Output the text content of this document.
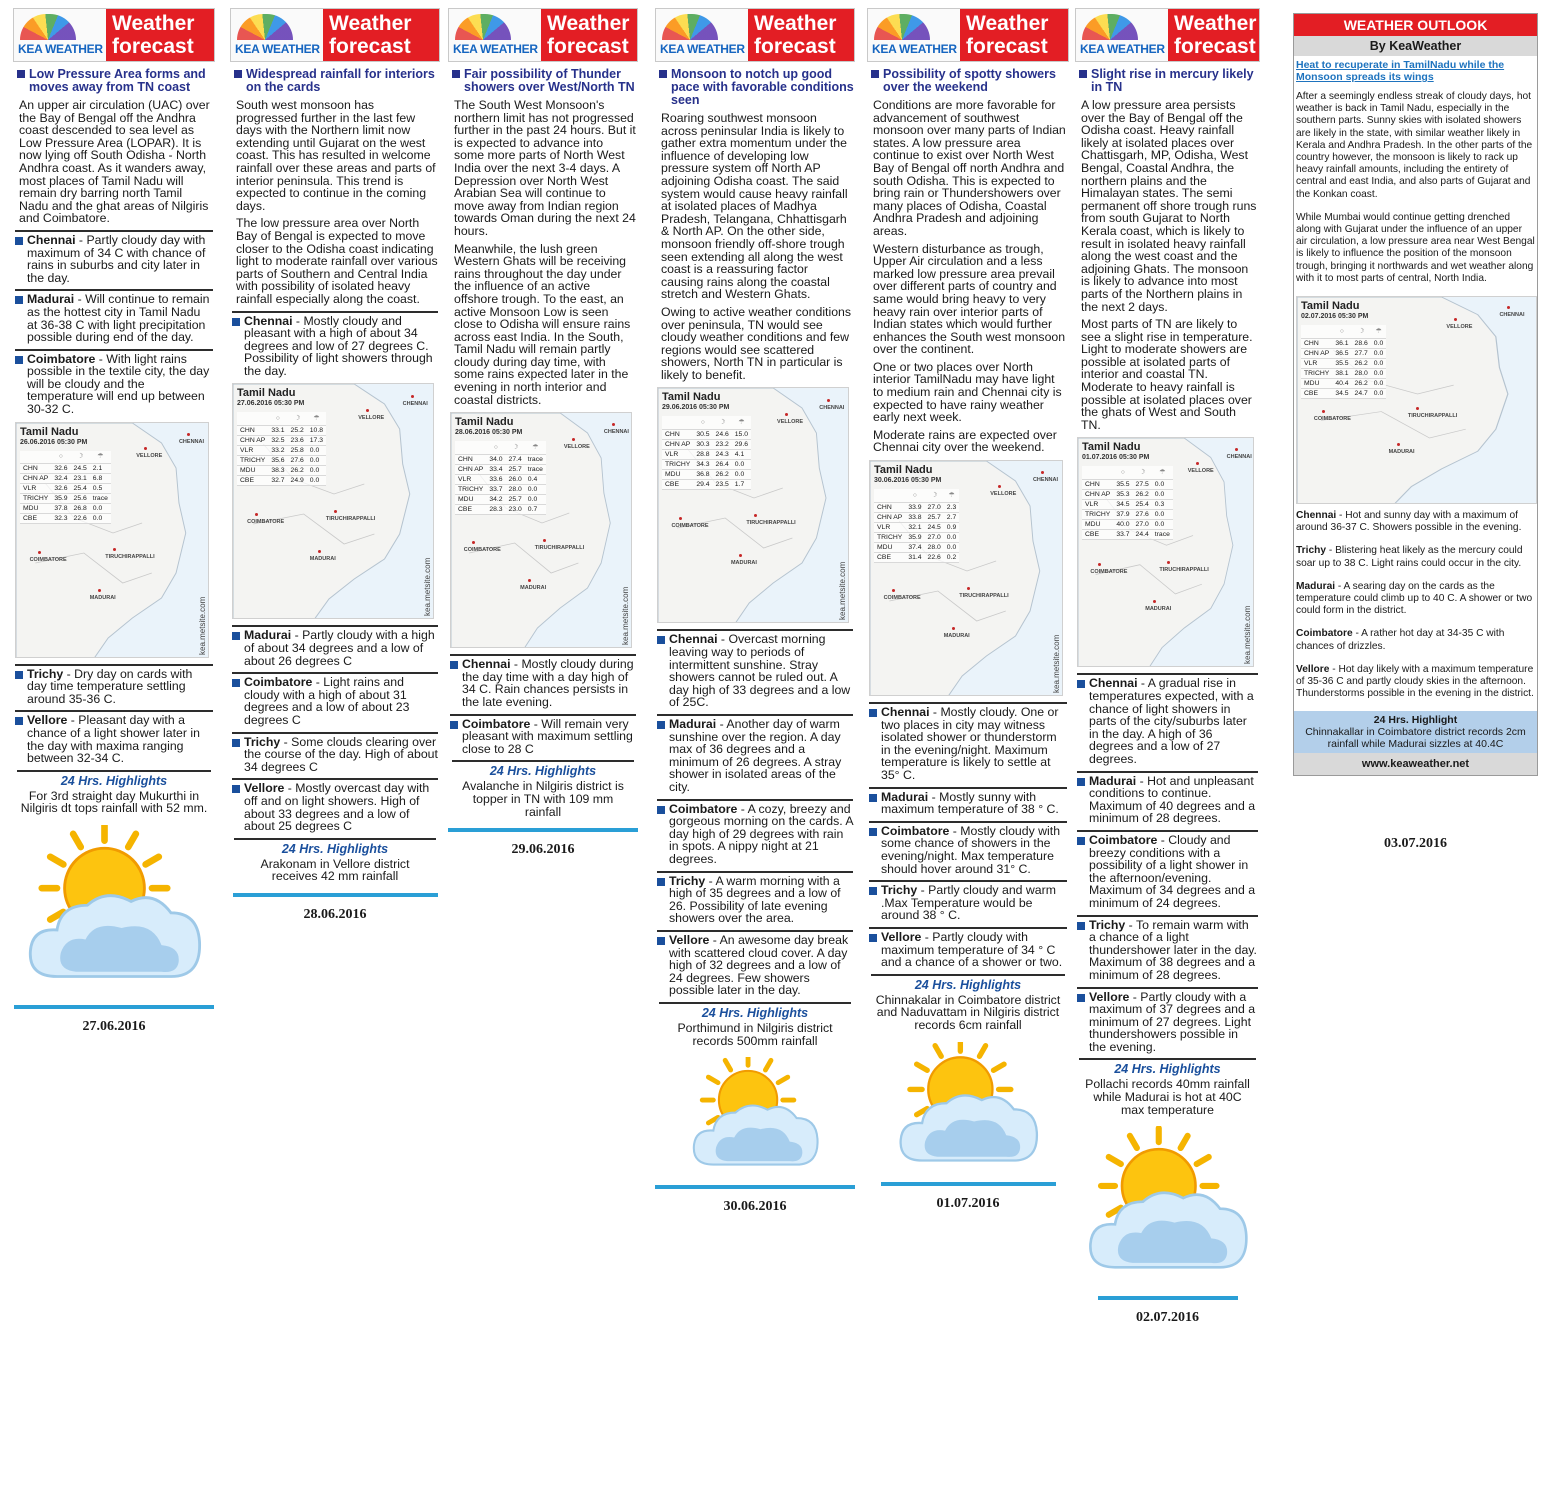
KEA WEATHER
Weather
forecast
Low Pressure Area forms and moves away from TN coast
An upper air circulation (UAC) over the Bay of Bengal off the Andhra coast descended to sea level as Low Pressure Area (LOPAR). It is now lying off South Odisha - North Andhra coast. As it wanders away, most places of Tamil Nadu will remain dry barring north Tamil Nadu and the ghat areas of Nilgiris and Coimbatore.
Chennai - Partly cloudy day with maximum of 34 C with chance of rains in suburbs and city later in the day.
Madurai - Will continue to remain as the hottest city in Tamil Nadu at 36-38 C with light precipitation possible during end of the day.
Coimbatore - With light rains possible in the textile city, the day will be cloudy and the temperature will end up between 30-32 C.
Tamil Nadu
26.06.2016 05:30 PM
	○	☽	☂
CHN	32.6	24.5	2.1
CHN AP	32.4	23.1	6.8
VLR	32.6	25.4	0.5
TRICHY	35.9	25.6	trace
MDU	37.8	26.8	0.0
CBE	32.3	22.6	0.0
VELLORE
CHENNAI
COIMBATORE	TIRUCHIRAPPALLI
MADURAI	kea.metsite.com
Trichy - Dry day on cards with day time temperature settling around 35-36 C.
Vellore - Pleasant day with a chance of a light shower later in the day with maxima ranging between 32-34 C.
24 Hrs. Highlights
For 3rd straight day Mukurthi in Nilgiris dt tops rainfall with 52 mm.
27.06.2016
KEA WEATHER
Weather
forecast
Widespread rainfall for interiors on the cards
South west monsoon has progressed further in the last few days with the Northern limit now extending until Gujarat on the west coast. This has resulted in welcome rainfall over these areas and parts of interior peninsula. This trend is expected to continue in the coming days.
The low pressure area over North Bay of Bengal is expected to move closer to the Odisha coast indicating light to moderate rainfall over various parts of Southern and Central India with possibility of isolated heavy rainfall especially along the coast.
Chennai - Mostly cloudy and pleasant with a high of about 34 degrees and low of 27 degrees C. Possibility of light showers through the day.
Tamil Nadu
27.06.2016 05:30 PM
	○	☽	☂
CHN	33.1	25.2	10.8
CHN AP	32.5	23.6	17.3
VLR	33.2	25.8	0.0
TRICHY	35.6	27.6	0.0
MDU	38.3	26.2	0.0
CBE	32.7	24.9	0.0
VELLORE
CHENNAI
COIMBATORE	TIRUCHIRAPPALLI
MADURAI	kea.metsite.com
Madurai - Partly cloudy with a high of about 34 degrees and a low of about 26 degrees C
Coimbatore - Light rains and cloudy with a high of about 31 degrees and a low of about 23 degrees C
Trichy - Some clouds clearing over the course of the day. High of about 34 degrees C
Vellore - Mostly overcast day with off and on light showers. High of about 33 degrees and a low of about 25 degrees C
24 Hrs. Highlights
Arakonam in Vellore district receives 42 mm rainfall
28.06.2016
KEA WEATHER
Weather
forecast
Fair possibility of Thunder showers over West/North TN
The South West Monsoon's northern limit has not progressed further in the past 24 hours. But it is expected to advance into some more parts of North West India over the next 3-4 days. A Depression over North West Arabian Sea will continue to move away from Indian region towards Oman during the next 24 hours.
Meanwhile, the lush green Western Ghats will be receiving rains throughout the day under the influence of an active offshore trough. To the east, an active Monsoon Low is seen close to Odisha will ensure rains across east India. In the South, Tamil Nadu will remain partly cloudy during day time, with some rains expected later in the evening in north interior and coastal districts.
Tamil Nadu
28.06.2016 05:30 PM
	○	☽	☂
CHN	34.0	27.4	trace
CHN AP	33.4	25.7	trace
VLR	33.6	26.0	0.4
TRICHY	33.7	28.0	0.0
MDU	34.2	25.7	0.0
CBE	28.3	23.0	0.7
VELLORE
CHENNAI
COIMBATORE	TIRUCHIRAPPALLI
MADURAI	kea.metsite.com
Chennai - Mostly cloudy during the day time with a day high of 34 C. Rain chances persists in the late evening.
Coimbatore - Will remain very pleasant with maximum settling close to 28 C
24 Hrs. Highlights
Avalanche in Nilgiris district is topper in TN with 109 mm rainfall
29.06.2016
KEA WEATHER
Weather
forecast
Monsoon to notch up good pace with favorable conditions seen
Roaring southwest monsoon across peninsular India is likely to gather extra momentum under the influence of developing low pressure system off North AP adjoining Odisha coast. The said system would cause heavy rainfall at isolated places of Madhya Pradesh, Telangana, Chhattisgarh & North AP. On the other side, monsoon friendly off-shore trough seen extending all along the west coast is a reassuring factor causing rains along the coastal stretch and Western Ghats.
Owing to active weather conditions over peninsula, TN would see cloudy weather conditions and few regions would see scattered showers, North TN in particular is likely to benefit.
Tamil Nadu
29.06.2016 05:30 PM
	○	☽	☂
CHN	30.5	24.6	15.0
CHN AP	30.3	23.2	29.6
VLR	28.8	24.3	4.1
TRICHY	34.3	26.4	0.0
MDU	36.8	26.2	0.0
CBE	29.4	23.5	1.7
VELLORE
CHENNAI
COIMBATORE	TIRUCHIRAPPALLI
MADURAI	kea.metsite.com
Chennai - Overcast morning leaving way to periods of intermittent sunshine. Stray showers cannot be ruled out. A day high of 33 degrees and a low of 25C.
Madurai - Another day of warm sunshine over the region. A day max of 36 degrees and a minimum of 26 degrees. A stray shower in isolated areas of the city.
Coimbatore - A cozy, breezy and gorgeous morning on the cards. A day high of 29 degrees with rain in spots. A nippy night at 21 degrees.
Trichy - A warm morning with a high of 35 degrees and a low of 26. Possibility of late evening showers over the area.
Vellore - An awesome day break with scattered cloud cover. A day high of 32 degrees and a low of 24 degrees. Few showers possible later in the day.
24 Hrs. Highlights
Porthimund in Nilgiris district records 500mm rainfall
30.06.2016
KEA WEATHER
Weather
forecast
Possibility of spotty showers over the weekend
Conditions are more favorable for advancement of southwest monsoon over many parts of Indian states. A low pressure area continue to exist over North West Bay of Bengal off north Andhra and south Odisha. This is expected to bring rain or Thundershowers over many places of Odisha, Coastal Andhra Pradesh and adjoining areas.
Western disturbance as trough, Upper Air circulation and a less marked low pressure area prevail over different parts of country and same would bring heavy to very heavy rain over interior parts of Indian states which would further enhances the South west monsoon over the continent.
One or two places over North interior TamilNadu may have light to medium rain and Chennai city is expected to have rainy weather early next week.
Moderate rains are expected over Chennai city over the weekend.
Tamil Nadu
30.06.2016 05:30 PM
	○	☽	☂
CHN	33.9	27.0	2.3
CHN AP	33.8	25.7	2.7
VLR	32.1	24.5	0.9
TRICHY	35.9	27.0	0.0
MDU	37.4	28.0	0.0
CBE	31.4	22.6	0.2
VELLORE
CHENNAI
COIMBATORE	TIRUCHIRAPPALLI
MADURAI	kea.metsite.com
Chennai - Mostly cloudy. One or two places in city may witness isolated shower or thunderstorm in the evening/night. Maximum temperature is likely to settle at 35° C.
Madurai - Mostly sunny with maximum temperature of 38 ° C.
Coimbatore - Mostly cloudy with some chance of showers in the evening/night. Max temperature should hover around 31° C.
Trichy - Partly cloudy and warm .Max Temperature would be around 38 ° C.
Vellore - Partly cloudy with maximum temperature of 34 ° C and a chance of a shower or two.
24 Hrs. Highlights
Chinnakalar in Coimbatore district and Naduvattam in Nilgiris district records 6cm rainfall
01.07.2016
KEA WEATHER
Weather
forecast
Slight rise in mercury likely in TN
A low pressure area persists over the Bay of Bengal off the Odisha coast. Heavy rainfall likely at isolated places over Chattisgarh, MP, Odisha, West Bengal, Coastal Andhra, the northern plains and the Himalayan states. The semi permanent off shore trough runs from south Gujarat to North Kerala coast, which is likely to result in isolated heavy rainfall along the west coast and the adjoining Ghats. The monsoon is likely to advance into most parts of the Northern plains in the next 2 days.
Most parts of TN are likely to see a slight rise in temperature. Light to moderate showers are possible at isolated parts of interior and coastal TN. Moderate to heavy rainfall is possible at isolated places over the ghats of West and South TN.
Tamil Nadu
01.07.2016 05:30 PM
	○	☽	☂
CHN	35.5	27.5	0.0
CHN AP	35.3	26.2	0.0
VLR	34.5	25.4	0.3
TRICHY	37.9	27.6	0.0
MDU	40.0	27.0	0.0
CBE	33.7	24.4	trace
VELLORE
CHENNAI
COIMBATORE	TIRUCHIRAPPALLI
MADURAI	kea.metsite.com
Chennai - A gradual rise in temperatures expected, with a chance of light showers in parts of the city/suburbs later in the day. A high of 36 degrees and a low of 27 degrees.
Madurai - Hot and unpleasant conditions to continue. Maximum of 40 degrees and a minimum of 28 degrees.
Coimbatore - Cloudy and breezy conditions with a possibility of a light shower in the afternoon/evening. Maximum of 34 degrees and a minimum of 24 degrees.
Trichy - To remain warm with a chance of a light thundershower later in the day. Maximum of 38 degrees and a minimum of 28 degrees.
Vellore - Partly cloudy with a maximum of 37 degrees and a minimum of 27 degrees. Light thundershowers possible in the evening.
24 Hrs. Highlights
Pollachi records 40mm rainfall while Madurai is hot at 40C max temperature
02.07.2016
WEATHER OUTLOOK
By KeaWeather
Heat to recuperate in TamilNadu while the Monsoon spreads its wings
After a seemingly endless streak of cloudy days, hot weather is back in Tamil Nadu, especially in the southern parts. Sunny skies with isolated showers are likely in the state, with similar weather likely in Kerala and Andhra Pradesh. In the other parts of the country however, the monsoon is likely to rack up heavy rainfall amounts, including the entirety of central and east India, and also parts of Gujarat and the Konkan coast.
While Mumbai would continue getting drenched along with Gujarat under the influence of an upper air circulation, a low pressure area near West Bengal is likely to influence the position of the monsoon trough, bringing it northwards and wet weather along with it to most parts of central, North India.
Tamil Nadu
02.07.2016 05:30 PM
	○	☽	☂
CHN	36.1	28.6	0.0
CHN AP	36.5	27.7	0.0
VLR	35.5	26.2	0.0
TRICHY	38.1	28.0	0.0
MDU	40.4	26.2	0.0
CBE	34.5	24.7	0.0
VELLORE
CHENNAI
COIMBATORE	TIRUCHIRAPPALLI
MADURAI
Chennai - Hot and sunny day with a maximum of around 36-37 C. Showers possible in the evening.
Trichy - Blistering heat likely as the mercury could soar up to 38 C. Light rains could occur in the city.
Madurai - A searing day on the cards as the temperature could climb up to 40 C. A shower or two could form in the district.
Coimbatore - A rather hot day at 34-35 C with chances of drizzles.
Vellore - Hot day likely with a maximum temperature of 35-36 C and partly cloudy skies in the afternoon. Thunderstorms possible in the evening in the district.
24 Hrs. Highlight
Chinnakallar in Coimbatore district records 2cm rainfall while Madurai sizzles at 40.4C
www.keaweather.net
03.07.2016
